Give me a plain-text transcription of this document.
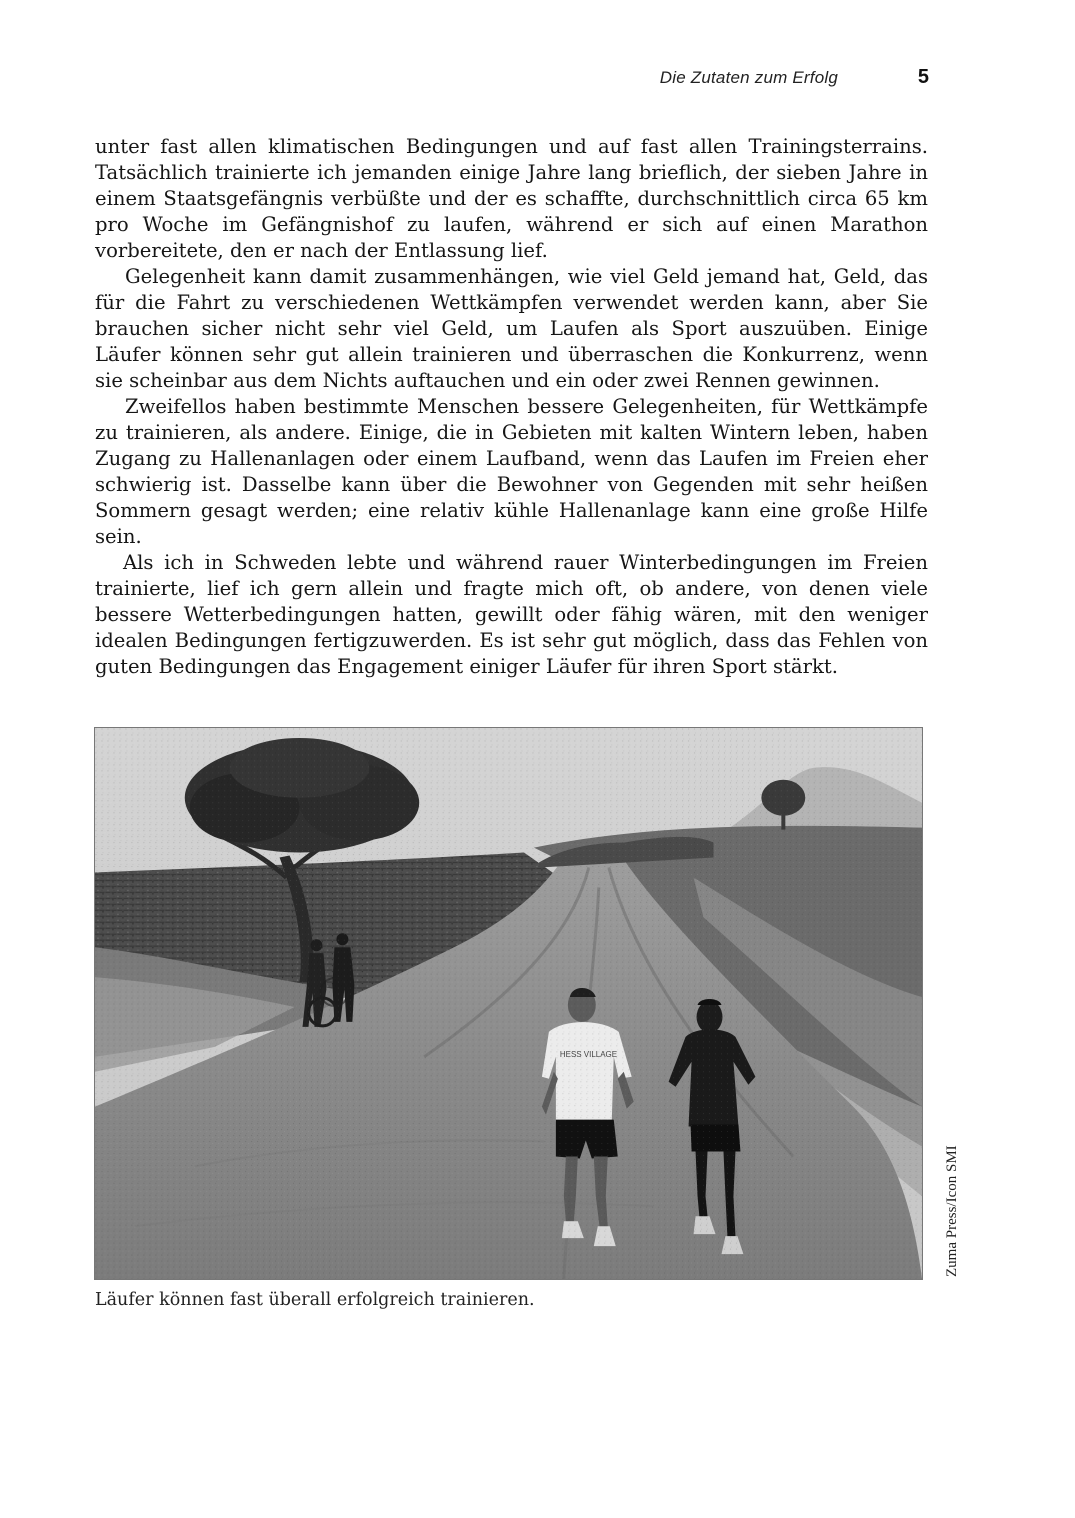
Die Zutaten zum Erfolg	5

unter fast allen klimatischen Bedingungen und auf fast allen Trainingsterrains. Tatsächlich trainierte ich jemanden einige Jahre lang brieflich, der sieben Jahre in einem Staatsgefängnis verbüßte und der es schaffte, durchschnittlich circa 65 km pro Woche im Gefängnishof zu laufen, während er sich auf einen Marathon vorbereitete, den er nach der Entlassung lief.

Gelegenheit kann damit zusammenhängen, wie viel Geld jemand hat, Geld, das für die Fahrt zu verschiedenen Wettkämpfen verwendet werden kann, aber Sie brauchen sicher nicht sehr viel Geld, um Laufen als Sport auszuüben. Einige Läufer können sehr gut allein trainieren und überraschen die Konkurrenz, wenn sie scheinbar aus dem Nichts auftauchen und ein oder zwei Rennen gewinnen.

Zweifellos haben bestimmte Menschen bessere Gelegenheiten, für Wettkämpfe zu trainieren, als andere. Einige, die in Gebieten mit kalten Wintern leben, haben Zugang zu Hallenanlagen oder einem Laufband, wenn das Laufen im Freien eher schwierig ist. Dasselbe kann über die Bewohner von Gegenden mit sehr heißen Sommern gesagt werden; eine relativ kühle Hallenanlage kann eine große Hilfe sein.

Als ich in Schweden lebte und während rauer Winterbedingungen im Freien trainierte, lief ich gern allein und fragte mich oft, ob andere, von denen viele bessere Wetterbedingungen hatten, gewillt oder fähig wären, mit den weniger idealen Bedingungen fertigzuwerden. Es ist sehr gut möglich, dass das Fehlen von guten Bedingungen das Engagement einiger Läufer für ihren Sport stärkt.

Zuma Press/Icon SMI
Läufer können fast überall erfolgreich trainieren.
